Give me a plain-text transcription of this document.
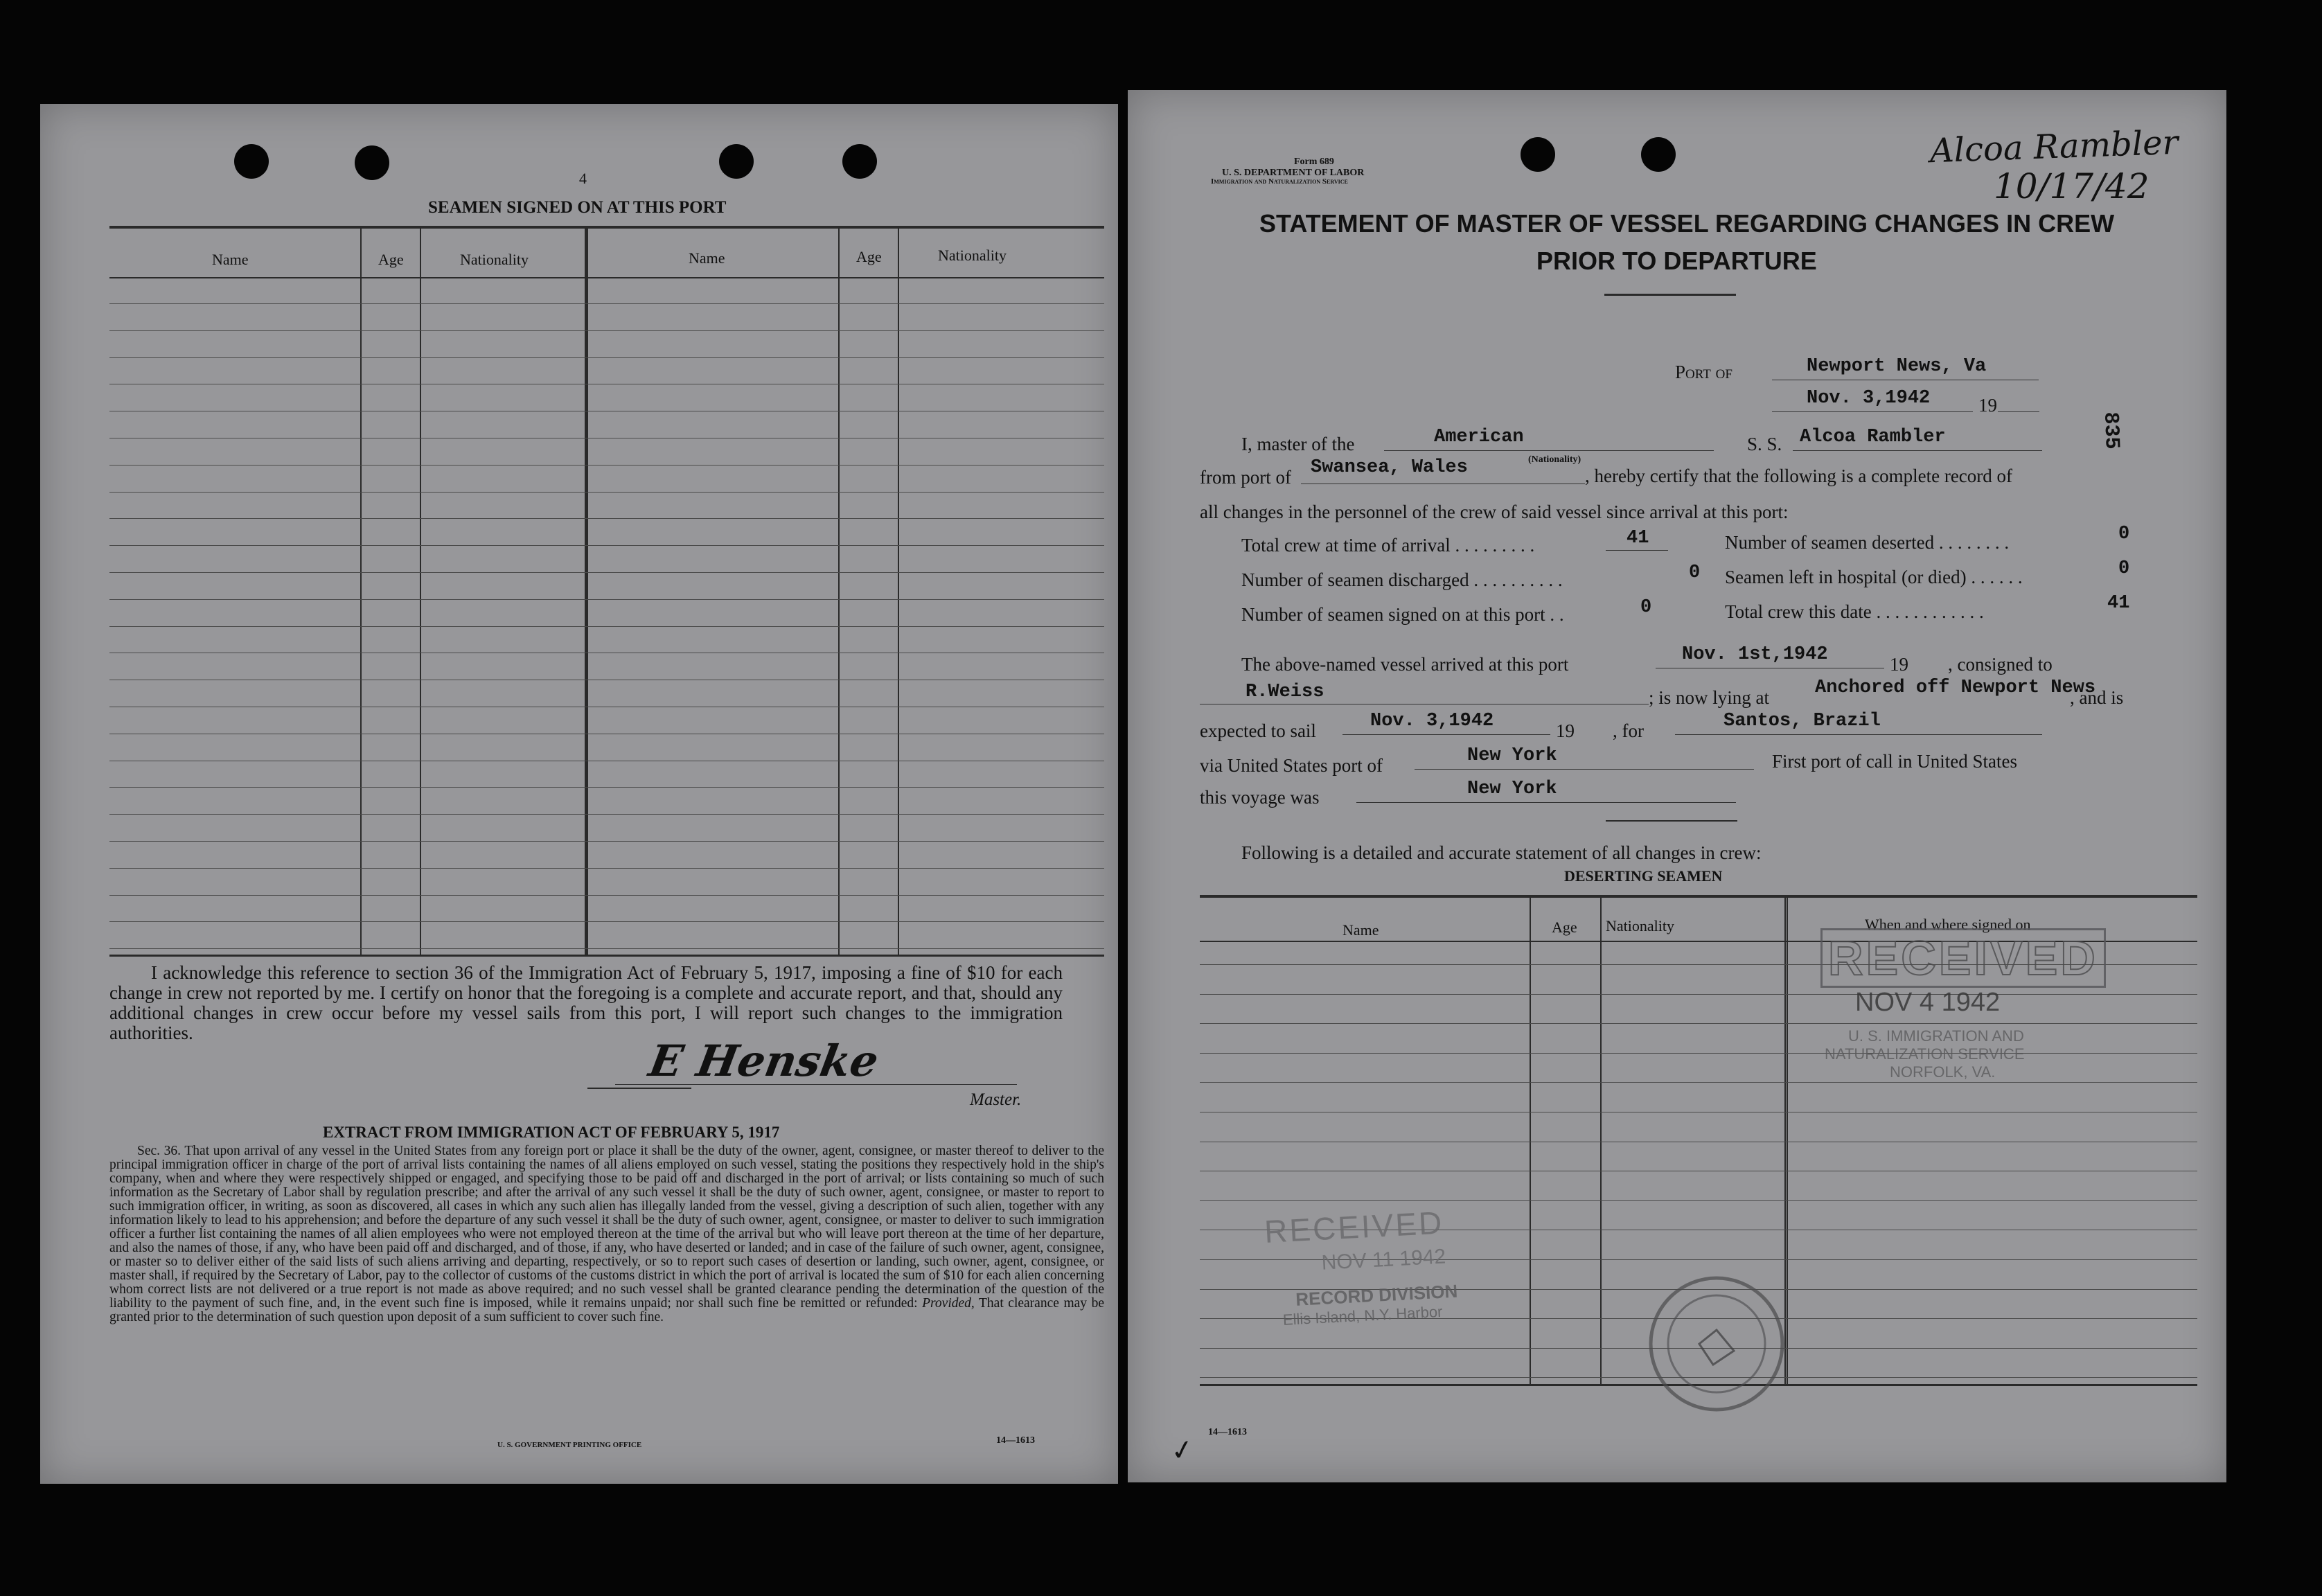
4
SEAMEN SIGNED ON AT THIS PORT
Name	Age	Nationality	Name	Age	Nationality
I acknowledge this reference to section 36 of the Immigration Act of February 5, 1917, imposing a fine of $10 for each change in crew not reported by me. I certify on honor that the foregoing is a complete and accurate report, and that, should any additional changes in crew occur before my vessel sails from this port, I will report such changes to the immigration authorities.
E Henske
Master.
EXTRACT FROM IMMIGRATION ACT OF FEBRUARY 5, 1917
Sec. 36. That upon arrival of any vessel in the United States from any foreign port or place it shall be the duty of the owner, agent, consignee, or master thereof to deliver to the principal immigration officer in charge of the port of arrival lists containing the names of all aliens employed on such vessel, stating the positions they respectively hold in the ship's company, when and where they were respectively shipped or engaged, and specifying those to be paid off and discharged in the port of arrival; or lists containing so much of such information as the Secretary of Labor shall by regulation prescribe; and after the arrival of any such vessel it shall be the duty of such owner, agent, consignee, or master to report to such immigration officer, in writing, as soon as discovered, all cases in which any such alien has illegally landed from the vessel, giving a description of such alien, together with any information likely to lead to his apprehension; and before the departure of any such vessel it shall be the duty of such owner, agent, consignee, or master to deliver to such immigration officer a further list containing the names of all alien employees who were not employed thereon at the time of the arrival but who will leave port thereon at the time of her departure, and also the names of those, if any, who have been paid off and discharged, and of those, if any, who have deserted or landed; and in case of the failure of such owner, agent, consignee, or master so to deliver either of the said lists of such aliens arriving and departing, respectively, or so to report such cases of desertion or landing, such owner, agent, consignee, or master shall, if required by the Secretary of Labor, pay to the collector of customs of the customs district in which the port of arrival is located the sum of $10 for each alien concerning whom correct lists are not delivered or a true report is not made as above required; and no such vessel shall be granted clearance pending the determination of the question of the liability to the payment of such fine, and, in the event such fine is imposed, while it remains unpaid; nor shall such fine be remitted or refunded: Provided, That clearance may be granted prior to the determination of such question upon deposit of a sum sufficient to cover such fine.
U. S. GOVERNMENT PRINTING OFFICE	14—1613
Alcoa Rambler
10/17/42
Form 689
U. S. DEPARTMENT OF LABOR
Immigration and Naturalization Service
STATEMENT OF MASTER OF VESSEL REGARDING CHANGES IN CREW
PRIOR TO DEPARTURE
Port of	Newport News, Va
Nov. 3,1942	19
835
I, master of the	American	S. S. Alcoa Rambler
from port of Swansea, Wales	(Nationality)
, hereby certify that the following is a complete record of
all changes in the personnel of the crew of said vessel since arrival at this port:
Total crew at time of arrival . . . . . . . . .	41
Number of seamen discharged . . . . . . . . . .	0
Number of seamen signed on at this port . .	0
Number of seamen deserted . . . . . . . .	0
Seamen left in hospital (or died) . . . . . .	0
Total crew this date . . . . . . . . . . . .	41
The above-named vessel arrived at this port	Nov. 1st,1942	19 , consigned to
R.Weiss	; is now lying at Anchored off Newport News
, and is
expected to sail	Nov. 3,1942	19 , for	Santos, Brazil
via United States port of	New York	First port of call in United States
this voyage was	New York
Following is a detailed and accurate statement of all changes in crew:
DESERTING SEAMEN
Name	Age Nationality	When and where signed on
RECEIVED
NOV 4 1942
U. S. IMMIGRATION AND
NATURALIZATION SERVICE
NORFOLK, VA.
RECEIVED
NOV 11 1942
RECORD DIVISION
Ellis Island, N.Y. Harbor
✓
14—1613
